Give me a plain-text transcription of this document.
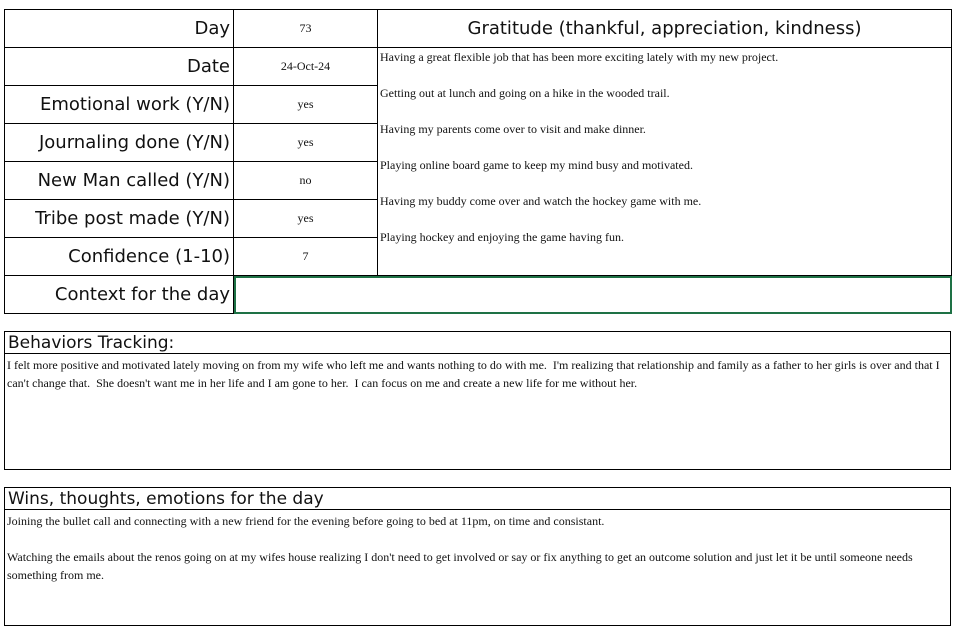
Day
Date
Emotional work (Y/N)
Journaling done (Y/N)
New Man called (Y/N)
Tribe post made (Y/N)
Confidence (1-10)
Context for the day
73
24-Oct-24
yes
yes
no
yes
7
Gratitude (thankful, appreciation, kindness)
Having a great flexible job that has been more exciting lately with my new project.
Getting out at lunch and going on a hike in the wooded trail.
Having my parents come over to visit and make dinner.
Playing online board game to keep my mind busy and motivated.
Having my buddy come over and watch the hockey game with me.
Playing hockey and enjoying the game having fun.
Behaviors Tracking:
I felt more positive and motivated lately moving on from my wife who left me and wants nothing to do with me.  I'm realizing that relationship and family as a father to her girls is over and that I can't change that.  She doesn't want me in her life and I am gone to her.  I can focus on me and create a new life for me without her.
Wins, thoughts, emotions for the day
Joining the bullet call and connecting with a new friend for the evening before going to bed at 11pm, on time and consistant.

Watching the emails about the renos going on at my wifes house realizing I don't need to get involved or say or fix anything to get an outcome solution and just let it be until someone needs something from me.
